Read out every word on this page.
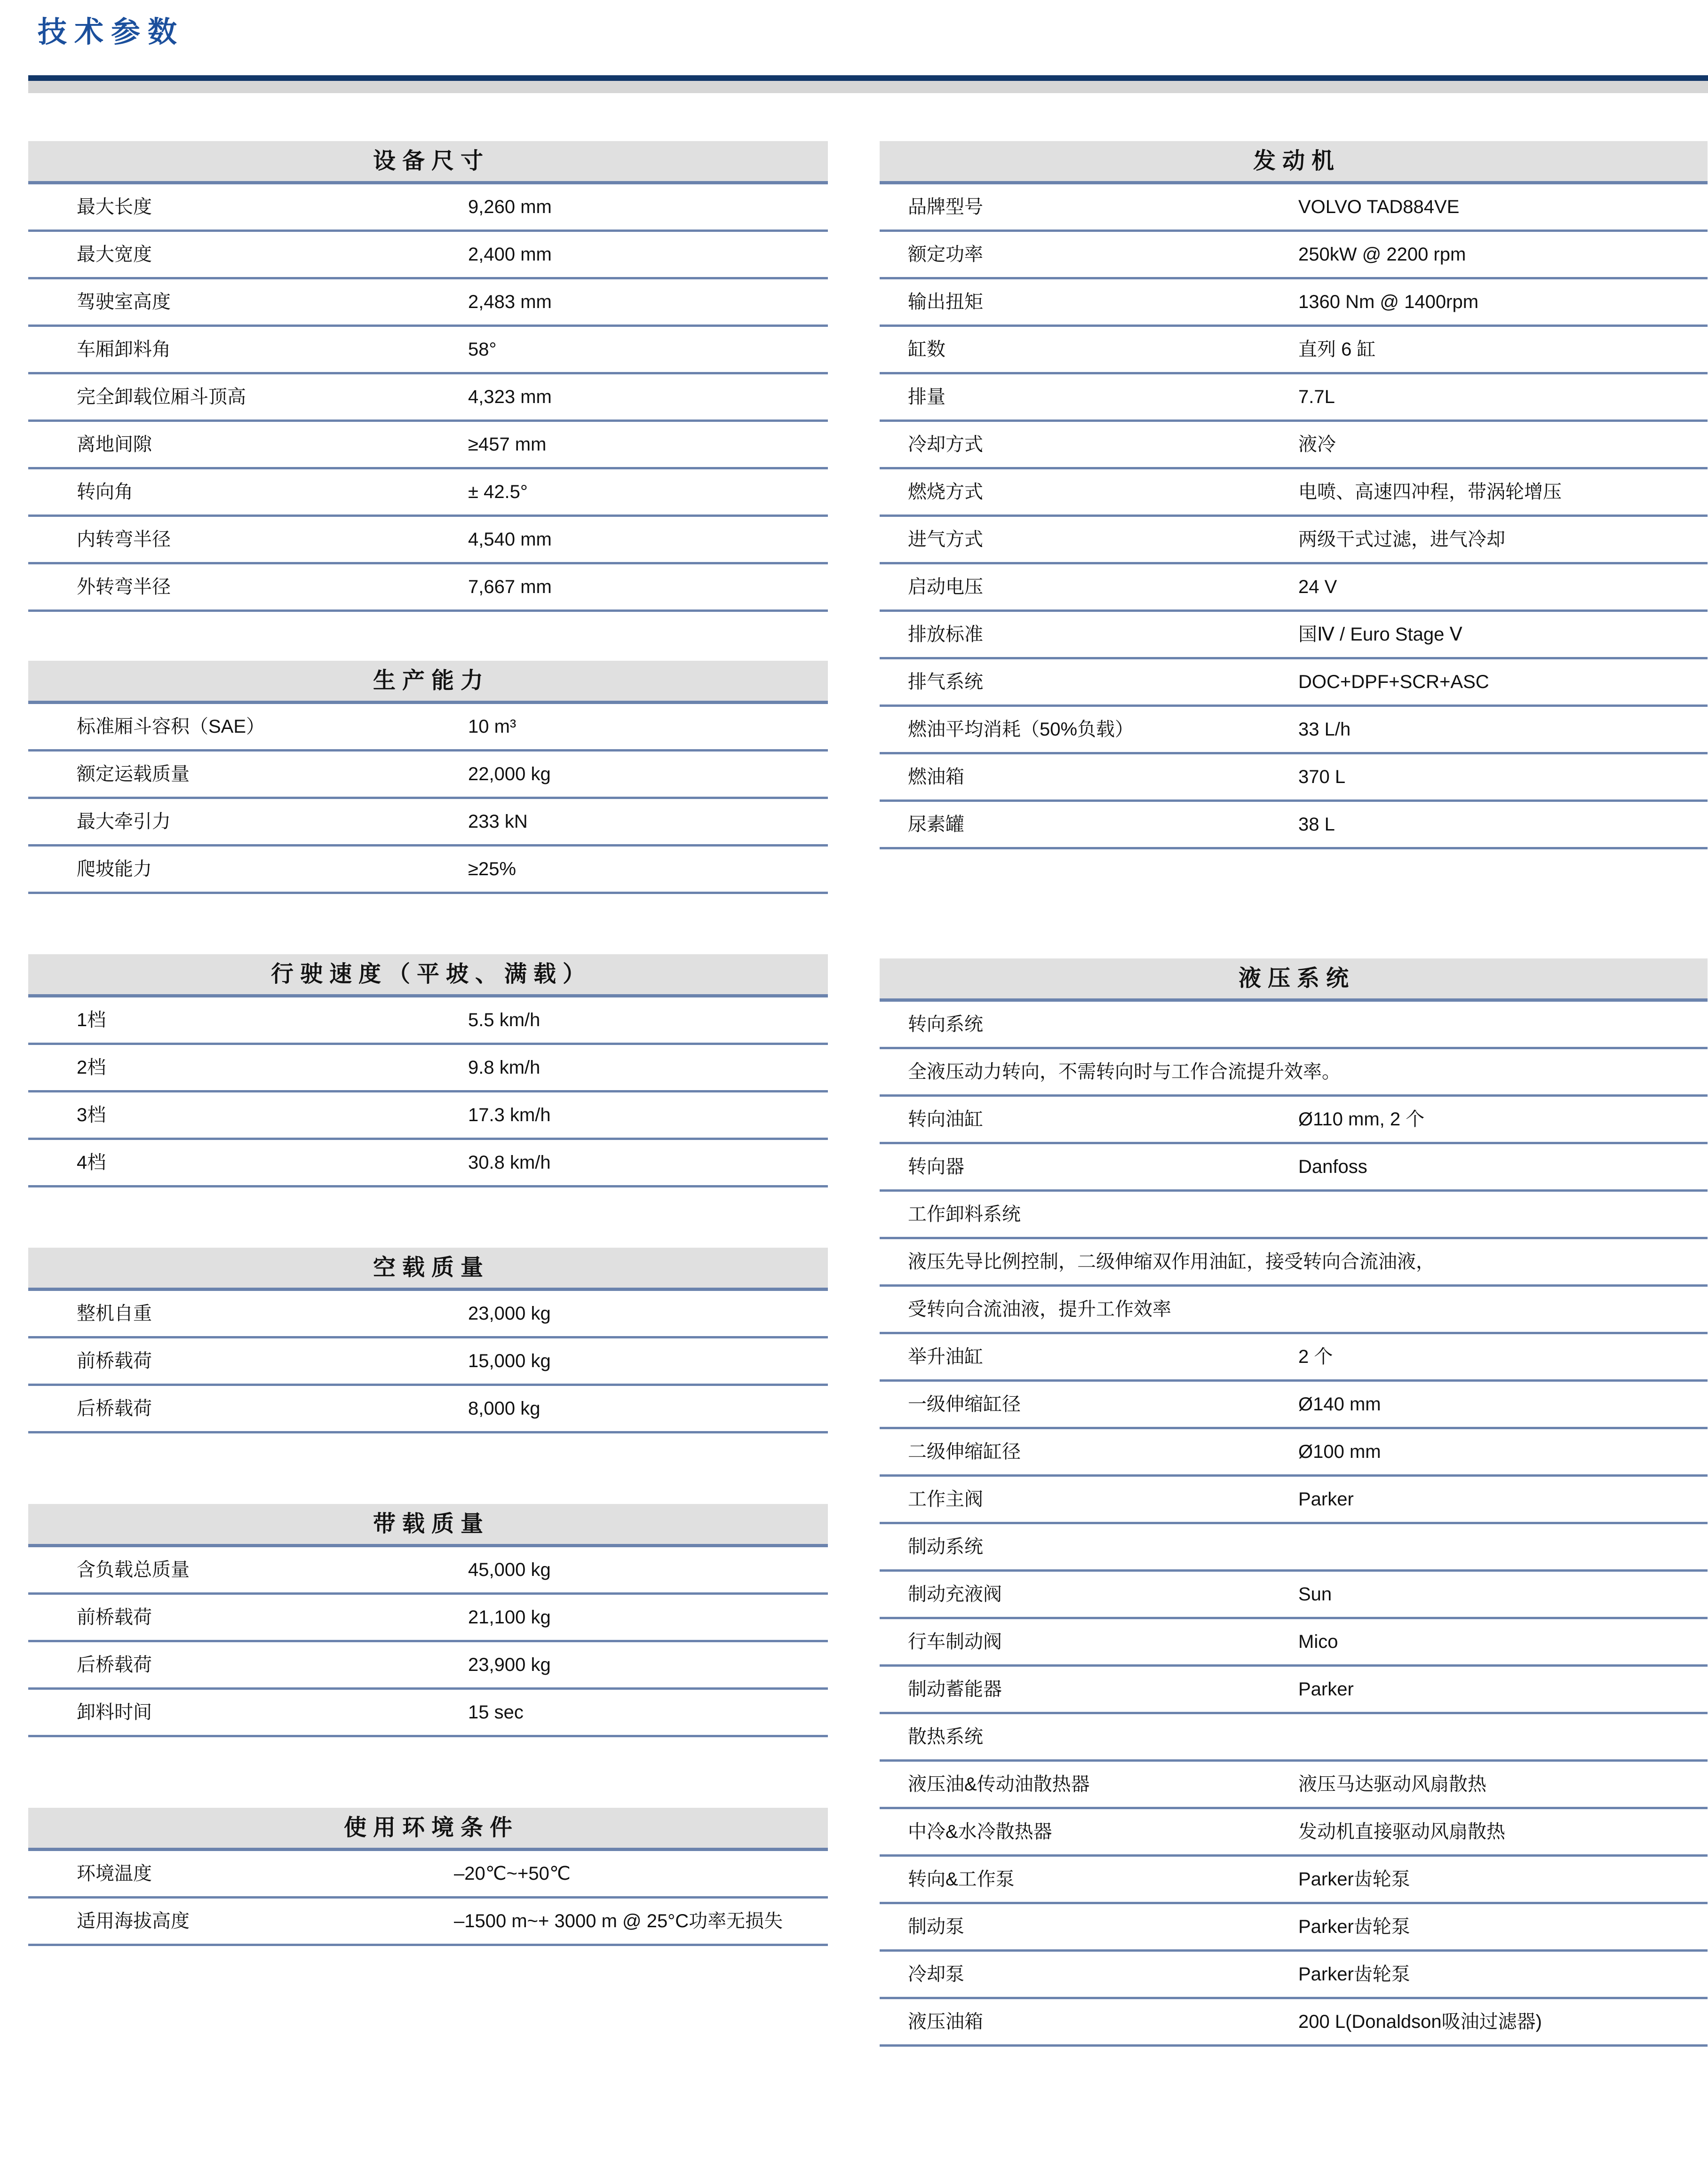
技术参数
设备尺寸
最大长度	9,260 mm
最大宽度	2,400 mm
驾驶室高度	2,483 mm
车厢卸料角	58°
完全卸载位厢斗顶高	4,323 mm
离地间隙	≥457 mm
转向角	± 42.5°
内转弯半径	4,540 mm
外转弯半径	7,667 mm
生产能力
标准厢斗容积（SAE）	10 m³
额定运载质量	22,000 kg
最大牵引力	233 kN
爬坡能力	≥25%
行驶速度（平坡、满载）
1档	5.5 km/h
2档	9.8 km/h
3档	17.3 km/h
4档	30.8 km/h
空载质量
整机自重	23,000 kg
前桥载荷	15,000 kg
后桥载荷	8,000 kg
带载质量
含负载总质量	45,000 kg
前桥载荷	21,100 kg
后桥载荷	23,900 kg
卸料时间	15 sec
使用环境条件
环境温度	–20℃~+50℃
适用海拔高度	–1500 m~+ 3000 m @ 25°C功率无损失
发动机
品牌型号	VOLVO TAD884VE
额定功率	250kW @ 2200 rpm
输出扭矩	1360 Nm @ 1400rpm
缸数	直列 6 缸
排量	7.7L
冷却方式	液冷
燃烧方式	电喷、高速四冲程，带涡轮增压
进气方式	两级干式过滤，进气冷却
启动电压	24 V
排放标准	国Ⅳ / Euro Stage Ⅴ
排气系统	DOC+DPF+SCR+ASC
燃油平均消耗（50%负载）	33 L/h
燃油箱	370 L
尿素罐	38 L
液压系统
转向系统
全液压动力转向，不需转向时与工作合流提升效率。
转向油缸	Ø110 mm, 2 个
转向器	Danfoss
工作卸料系统
液压先导比例控制，二级伸缩双作用油缸，接受转向合流油液，
受转向合流油液，提升工作效率
举升油缸	2 个
一级伸缩缸径	Ø140 mm
二级伸缩缸径	Ø100 mm
工作主阀	Parker
制动系统
制动充液阀	Sun
行车制动阀	Mico
制动蓄能器	Parker
散热系统
液压油&传动油散热器	液压马达驱动风扇散热
中冷&水冷散热器	发动机直接驱动风扇散热
转向&工作泵	Parker齿轮泵
制动泵	Parker齿轮泵
冷却泵	Parker齿轮泵
液压油箱	200 L(Donaldson吸油过滤器)
